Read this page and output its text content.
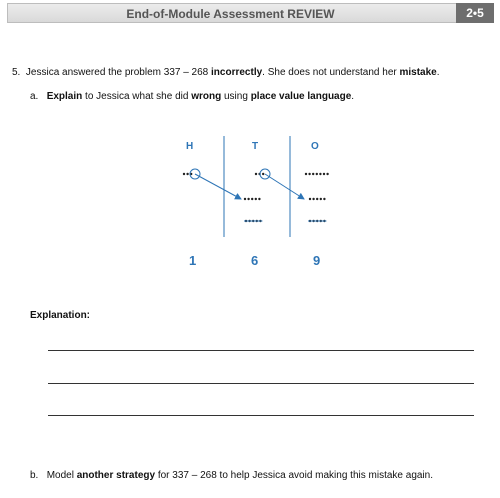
End-of-Module Assessment REVIEW	2•5
5. Jessica answered the problem 337 – 268 incorrectly. She does not understand her mistake.
a. Explain to Jessica what she did wrong using place value language.
H	T	O
1	6	9
Explanation:
b. Model another strategy for 337 – 268 to help Jessica avoid making this mistake again.
